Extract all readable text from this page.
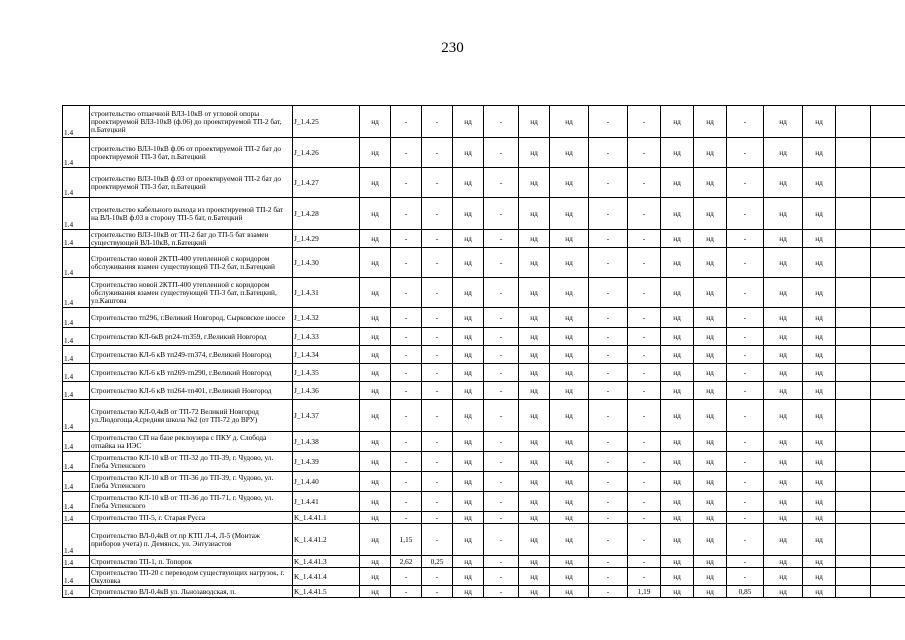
230
1.4	строительство отпаечной ВЛЗ-10кВ от угловой опоры проектируемой ВЛЗ-10кВ (ф.06) до проектируемой ТП-2 бат, п.Батецкий	J_1.4.25	нд	-	-	нд	-	нд	нд	-	-	нд	нд	-	нд	нд		
1.4	строительство ВЛЗ-10кВ ф.06 от проектируемой ТП-2 бат до проектируемой ТП-3 бат, п.Батецкий	J_1.4.26	нд	-	-	нд	-	нд	нд	-	-	нд	нд	-	нд	нд		
1.4	строительство ВЛЗ-10кВ ф.03 от проектируемой ТП-2 бат до проектируемой ТП-3 бат, п.Батецкий	J_1.4.27	нд	-	-	нд	-	нд	нд	-	-	нд	нд	-	нд	нд		
1.4	строительство кабельного выхода из проектируемой ТП-2 бат на ВЛ-10кВ ф.03 в сторону ТП-5 бат, п.Батецкий	J_1.4.28	нд	-	-	нд	-	нд	нд	-	-	нд	нд	-	нд	нд		
1.4	строительство ВЛЗ-10кВ от ТП-2 бат до ТП-5 бат взамен существующей ВЛ-10кВ, п.Батецкий	J_1.4.29	нд	-	-	нд	-	нд	нд	-	-	нд	нд	-	нд	нд		
1.4	Строительство новой 2КТП-400 утепленной с коридором обслуживания взамен существующей ТП-2 бат, п.Батецкий	J_1.4.30	нд	-	-	нд	-	нд	нд	-	-	нд	нд	-	нд	нд		
1.4	Строительство новой 2КТП-400 утепленной с коридором обслуживания взамен существующей ТП-3 бат, п.Батецкий, ул.Кашгова	J_1.4.31	нд	-	-	нд	-	нд	нд	-	-	нд	нд	-	нд	нд		
1.4	Строительство тп296, г.Великий Новгород, Сырковское шоссе	J_1.4.32	нд	-	-	нд	-	нд	нд	-	-	нд	нд	-	нд	нд		
1.4	Строительство КЛ-6кВ рп24-тп359, г.Великий Новгород	J_1.4.33	нд	-	-	нд	-	нд	нд	-	-	нд	нд	-	нд	нд		
1.4	Строительство КЛ-6 кВ тп249-тп374, г.Великий Новгород	J_1.4.34	нд	-	-	нд	-	нд	нд	-	-	нд	нд	-	нд	нд		
1.4	Строительство КЛ-6 кВ тп269-тп290, г.Великий Новгород	J_1.4.35	нд	-	-	нд	-	нд	нд	-	-	нд	нд	-	нд	нд		
1.4	Строительство КЛ-6 кВ тп264-тп401, г.Великий Новгород	J_1.4.36	нд	-	-	нд	-	нд	нд	-	-	нд	нд	-	нд	нд		
1.4	Строительство КЛ-0,4кВ от ТП-72 Великий Новгород ул.Людогоща,4,средняя школа №2 (от ТП-72 до ВРУ)	J_1.4.37	нд	-	-	нд	-	нд	нд	-	-	нд	нд	-	нд	нд		
1.4	Строительство СП на базе реклоузера с ПКУ д. Слобода отпайка на ИЭС	J_1.4.38	нд	-	-	нд	-	нд	нд	-	-	нд	нд	-	нд	нд		
1.4	Строительство КЛ-10 кВ от ТП-32 до ТП-39, г. Чудово, ул. Глеба Успенского	J_1.4.39	нд	-	-	нд	-	нд	нд	-	-	нд	нд	-	нд	нд		
1.4	Строительство КЛ-10 кВ от ТП-36 до ТП-39, г. Чудово, ул. Глеба Успенского	J_1.4.40	нд	-	-	нд	-	нд	нд	-	-	нд	нд	-	нд	нд		
1.4	Строительство КЛ-10 кВ от ТП-36 до ТП-71, г. Чудово, ул. Глеба Успенского	J_1.4.41	нд	-	-	нд	-	нд	нд	-	-	нд	нд	-	нд	нд		
1.4	Строительство ТП-5, г. Старая Русса	K_1.4.41.1	нд	-	-	нд	-	нд	нд	-	-	нд	нд	-	нд	нд		
1.4	Строительство ВЛ-0,4кВ от пр КТП Л-4, Л-5 (Монтаж приборов учета) п. Демянск, ул. Энтузиастов	K_1.4.41.2	нд	1,15	-	нд	-	нд	нд	-	-	нд	нд	-	нд	нд		
1.4	Строительство ТП-1, п. Топорок	K_1.4.41.3	нд	2,62	0,25	нд	-	нд	нд	-	-	нд	нд	-	нд	нд		
1.4	Строительство ТП-20 с переводом существующих нагрузок, г. Окуловка	K_1.4.41.4	нд	-	-	нд	-	нд	нд	-	-	нд	нд	-	нд	нд		
1.4	Строительство ВЛ-0,4кВ ул. Льнозаводская, п.	K_1.4.41.5	нд	-	-	нд	-	нд	нд	-	1,19	нд	нд	0,85	нд	нд		
